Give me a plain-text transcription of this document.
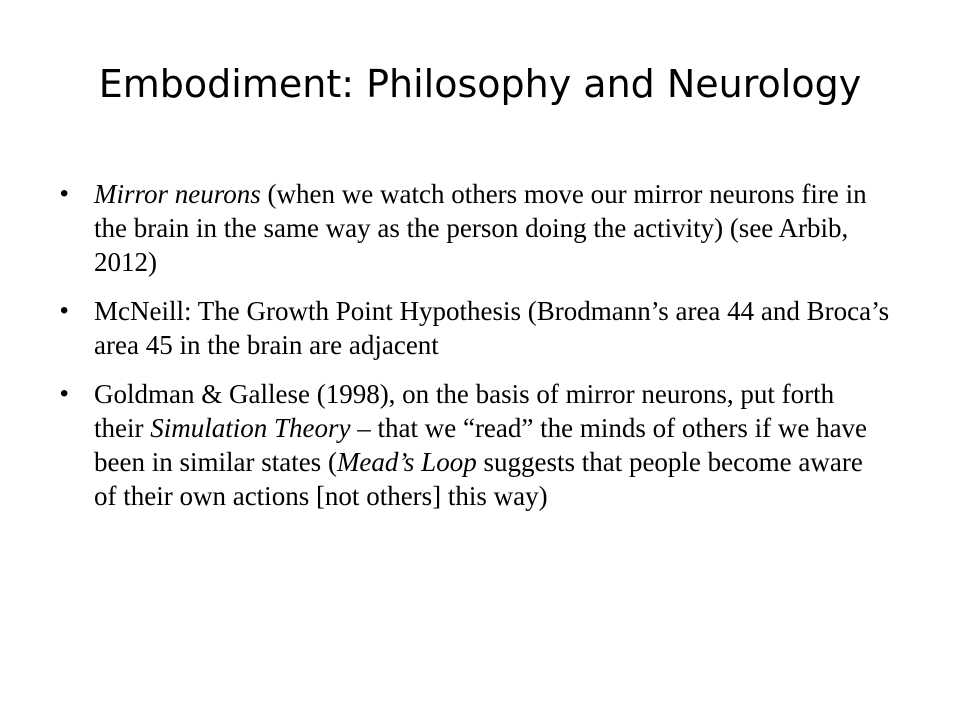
Embodiment: Philosophy and Neurology
• Mirror neurons (when we watch others move our mirror neurons fire in the brain in the same way as the person doing the activity) (see Arbib, 2012)
• McNeill: The Growth Point Hypothesis (Brodmann’s area 44 and Broca’s area 45 in the brain are adjacent
• Goldman & Gallese (1998), on the basis of mirror neurons, put forth their Simulation Theory – that we “read” the minds of others if we have been in similar states (Mead’s Loop suggests that people become aware of their own actions [not others] this way)
